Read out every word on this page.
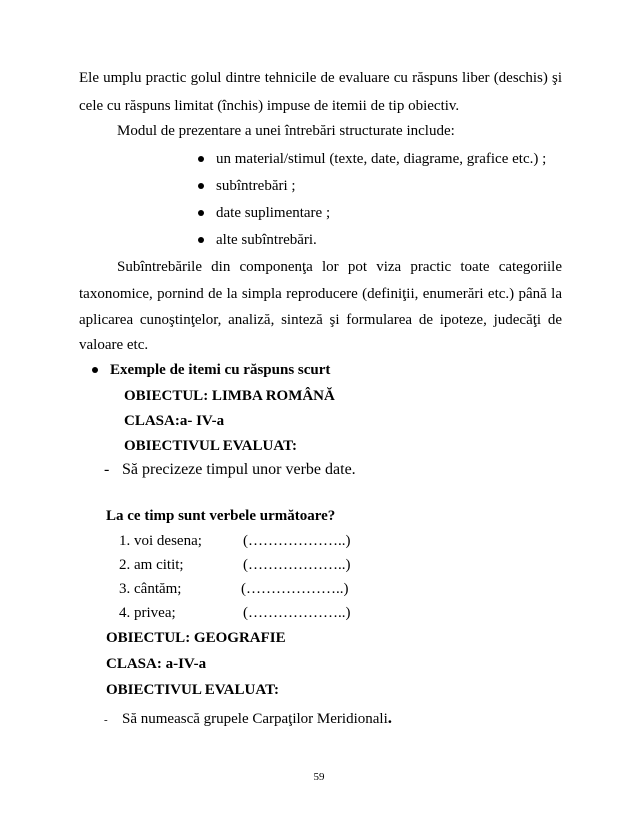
Ele umplu practic golul dintre tehnicile de evaluare cu răspuns liber (deschis) şi
cele cu răspuns limitat (închis) impuse de itemii de tip obiectiv.
Modul de prezentare a unei întrebări structurate include:
un material/stimul (texte, date, diagrame, grafice etc.) ;
subîntrebări ;
date suplimentare ;
alte subîntrebări.
Subîntrebările din componenţa lor pot viza practic toate categoriile
taxonomice, pornind de la simpla reproducere (definiţii, enumerări etc.) până la
aplicarea cunoştinţelor, analiză, sinteză şi formularea de ipoteze, judecăţi de
valoare etc.
Exemple de itemi cu răspuns scurt
OBIECTUL: LIMBA ROMÂNĂ
CLASA:a- IV-a
OBIECTIVUL EVALUAT:
- Să precizeze timpul unor verbe date.
La ce timp sunt verbele următoare?
1. voi desena;	(………………..)
2. am citit;	(………………..)
3. cântăm;	(………………..)
4. privea;	(………………..)
OBIECTUL: GEOGRAFIE
CLASA: a-IV-a
OBIECTIVUL EVALUAT:
- Să numească grupele Carpaţilor Meridionali.
59
